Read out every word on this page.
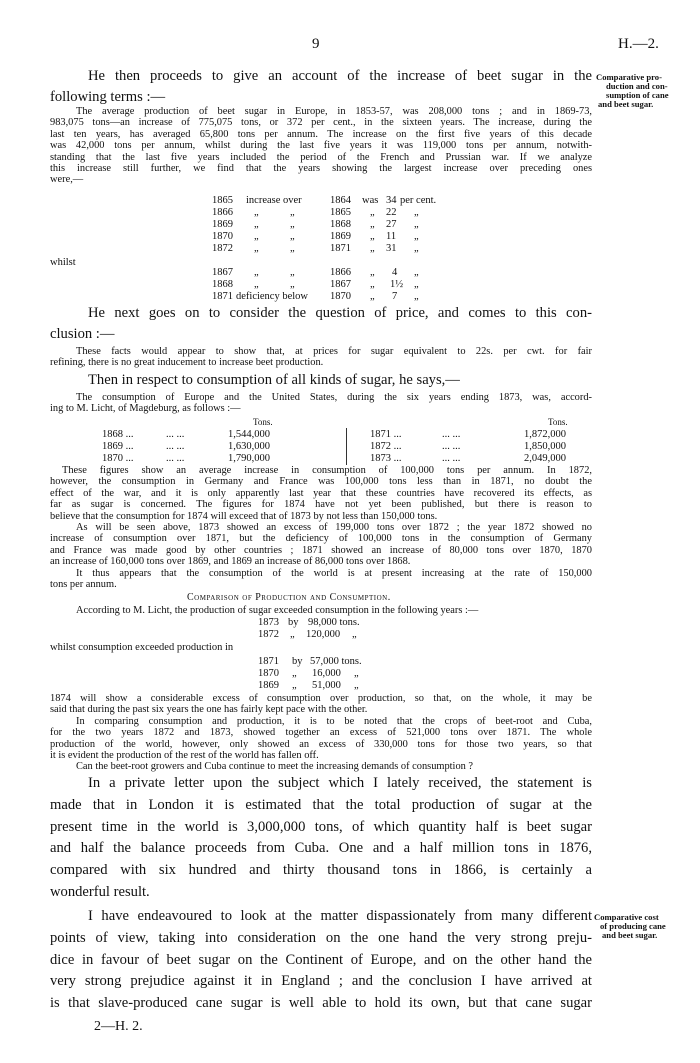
9	H.—2.
Comparative pro-
duction and con-
sumption of cane
and beet sugar.
Comparative cost
of producing cane
and beet sugar.
He then proceeds to give an account of the increase of beet sugar in the
following terms :—
The average production of beet sugar in Europe, in 1853-57, was 208,000 tons ; and in 1869-73,
983,075 tons—an increase of 775,075 tons, or 372 per cent., in the sixteen years. The increase, during the
last ten years, has averaged 65,800 tons per annum. The increase on the first five years of this decade
was 42,000 tons per annum, whilst during the last five years it was 119,000 tons per annum, notwith-
standing that the last five years included the period of the French and Prussian war. If we analyze
this increase still further, we find that the years showing the largest increase over preceding ones
were,—
1865 increase over	1864 was 34 per cent.
1866 „	„	1865 „ 22 „
1869 „	„	1868 „ 27 „
1870 „	„	1869 „ 11 „
1872 „	„	1871 „ 31 „
whilst
1867 „	„	1866 „ 4 „
1868 „	„	1867 „ 1½ „
1871 deficiency below 1870 „ 7 „
He next goes on to consider the question of price, and comes to this con-
clusion :—
These facts would appear to show that, at prices for sugar equivalent to 22s. per cwt. for fair
refining, there is no great inducement to increase beet production.
Then in respect to consumption of all kinds of sugar, he says,—
The consumption of Europe and the United States, during the six years ending 1873, was, accord-
ing to M. Licht, of Magdeburg, as follows :—
Tons.	Tons.
1868 ...	... ...	1,544,000
1869 ...	... ...	1,630,000
1870 ...	... ...	1,790,000
1871 ...	... ...	1,872,000
1872 ...	... ...	1,850,000
1873 ...	... ...	2,049,000
These figures show an average increase in consumption of 100,000 tons per annum. In 1872,
however, the consumption in Germany and France was 100,000 tons less than in 1871, no doubt the
effect of the war, and it is only apparently last year that these countries have recovered its effects, as
far as sugar is concerned. The figures for 1874 have not yet been published, but there is reason to
believe that the consumption for 1874 will exceed that of 1873 by not less than 150,000 tons.
As will be seen above, 1873 showed an excess of 199,000 tons over 1872 ; the year 1872 showed no
increase of consumption over 1871, but the deficiency of 100,000 tons in the consumption of Germany
and France was made good by other countries ; 1871 showed an increase of 80,000 tons over 1870, 1870
an increase of 160,000 tons over 1869, and 1869 an increase of 86,000 tons over 1868.
It thus appears that the consumption of the world is at present increasing at the rate of 150,000
tons per annum.
Comparison of Production and Consumption.
According to M. Licht, the production of sugar exceeded consumption in the following years :—
1873 by 98,000 tons.
1872 „ 120,000 „
whilst consumption exceeded production in
1871 by 57,000 tons.
1870 „ 16,000 „
1869 „ 51,000 „
1874 will show a considerable excess of consumption over production, so that, on the whole, it may be
said that during the past six years the one has fairly kept pace with the other.
In comparing consumption and production, it is to be noted that the crops of beet-root and Cuba,
for the two years 1872 and 1873, showed together an excess of 521,000 tons over 1871. The whole
production of the world, however, only showed an excess of 330,000 tons for those two years, so that
it is evident the production of the rest of the world has fallen off.
Can the beet-root growers and Cuba continue to meet the increasing demands of consumption ?
In a private letter upon the subject which I lately received, the statement is
made that in London it is estimated that the total production of sugar at the
present time in the world is 3,000,000 tons, of which quantity half is beet sugar
and half the balance proceeds from Cuba. One and a half million tons in 1876,
compared with six hundred and thirty thousand tons in 1866, is certainly a
wonderful result.
I have endeavoured to look at the matter dispassionately from many different
points of view, taking into consideration on the one hand the very strong preju-
dice in favour of beet sugar on the Continent of Europe, and on the other hand the
very strong prejudice against it in England ; and the conclusion I have arrived at
is that slave-produced cane sugar is well able to hold its own, but that cane sugar
2—H. 2.
